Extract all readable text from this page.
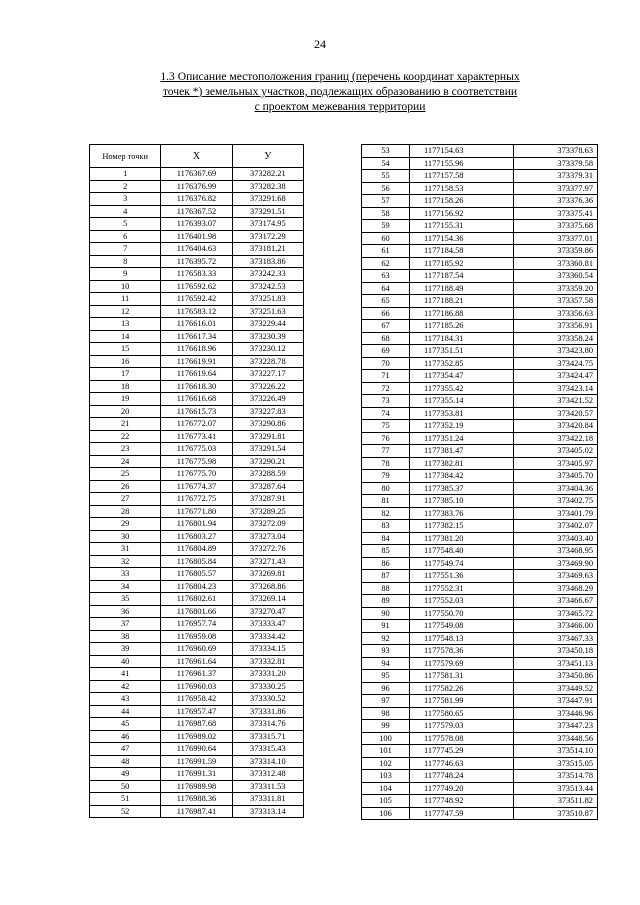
24
1.3 Описание местоположения границ (перечень координат характерных
точек *) земельных участков, подлежащих образованию в соответствии
с проектом межевания территории
Номер точки	Х	У
1	1176367.69	373282.21
2	1176376.99	373282.38
3	1176376.82	373291.68
4	1176367.52	373291.51
5	1176393.07	373174.95
6	1176401.98	373172.29
7	1176404.63	373181.21
8	1176395.72	373183.86
9	1176583.33	373242.33
10	1176592.62	373242.53
11	1176592.42	373251.83
12	1176583.12	373251.63
13	1176616.01	373229.44
14	1176617.34	373230.39
15	1176618.96	373230.12
16	1176619.91	373228.78
17	1176619.64	373227.17
18	1176618.30	373226.22
19	1176616.68	373226.49
20	1176615.73	373227.83
21	1176772.07	373290.86
22	1176773.41	373291.81
23	1176775.03	373291.54
24	1176775.98	373290.21
25	1176775.70	373288.59
26	1176774.37	373287.64
27	1176772.75	373287.91
28	1176771.80	373289.25
29	1176801.94	373272.09
30	1176803.27	373273.04
31	1176804.89	373272.76
32	1176805.84	373271.43
33	1176805.57	373269.81
34	1176804.23	373268.86
35	1176802.61	373269.14
36	1176801.66	373270.47
37	1176957.74	373333.47
38	1176959.08	373334.42
39	1176960.69	373334.15
40	1176961.64	373332.81
41	1176961.37	373331.20
42	1176960.03	373330.25
43	1176958.42	373330.52
44	1176957.47	373331.86
45	1176987.68	373314.76
46	1176989.02	373315.71
47	1176990.64	373315.43
48	1176991.59	373314.10
49	1176991.31	373312.48
50	1176989.98	373311.53
51	1176988.36	373311.81
52	1176987.41	373313.14
53	1177154.63	373378.63
54	1177155.96	373379.58
55	1177157.58	373379.31
56	1177158.53	373377.97
57	1177158.26	373376.36
58	1177156.92	373375.41
59	1177155.31	373375.68
60	1177154.36	373377.01
61	1177184.58	373359.86
62	1177185.92	373360.81
63	1177187.54	373360.54
64	1177188.49	373359.20
65	1177188.21	373357.58
66	1177186.88	373356.63
67	1177185.26	373356.91
68	1177184.31	373358.24
69	1177351.51	373423.80
70	1177352.85	373424.75
71	1177354.47	373424.47
72	1177355.42	373423.14
73	1177355.14	373421.52
74	1177353.81	373420.57
75	1177352.19	373420.84
76	1177351.24	373422.18
77	1177381.47	373405.02
78	1177382.81	373405.97
79	1177384.42	373405.70
80	1177385.37	373404.36
81	1177385.10	373402.75
82	1177383.76	373401.79
83	1177382.15	373402.07
84	1177381.20	373403.40
85	1177548.40	373468.95
86	1177549.74	373469.90
87	1177551.36	373469.63
88	1177552.31	373468.29
89	1177552.03	373466.67
90	1177550.70	373465.72
91	1177549.08	373466.00
92	1177548.13	373467.33
93	1177578.36	373450.18
94	1177579.69	373451.13
95	1177581.31	373450.86
96	1177582.26	373449.52
97	1177581.99	373447.91
98	1177580.65	373446.96
99	1177579.03	373447.23
100	1177578.08	373448.56
101	1177745.29	373514.10
102	1177746.63	373515.05
103	1177748.24	373514.78
104	1177749.20	373513.44
105	1177748.92	373511.82
106	1177747.59	373510.87
